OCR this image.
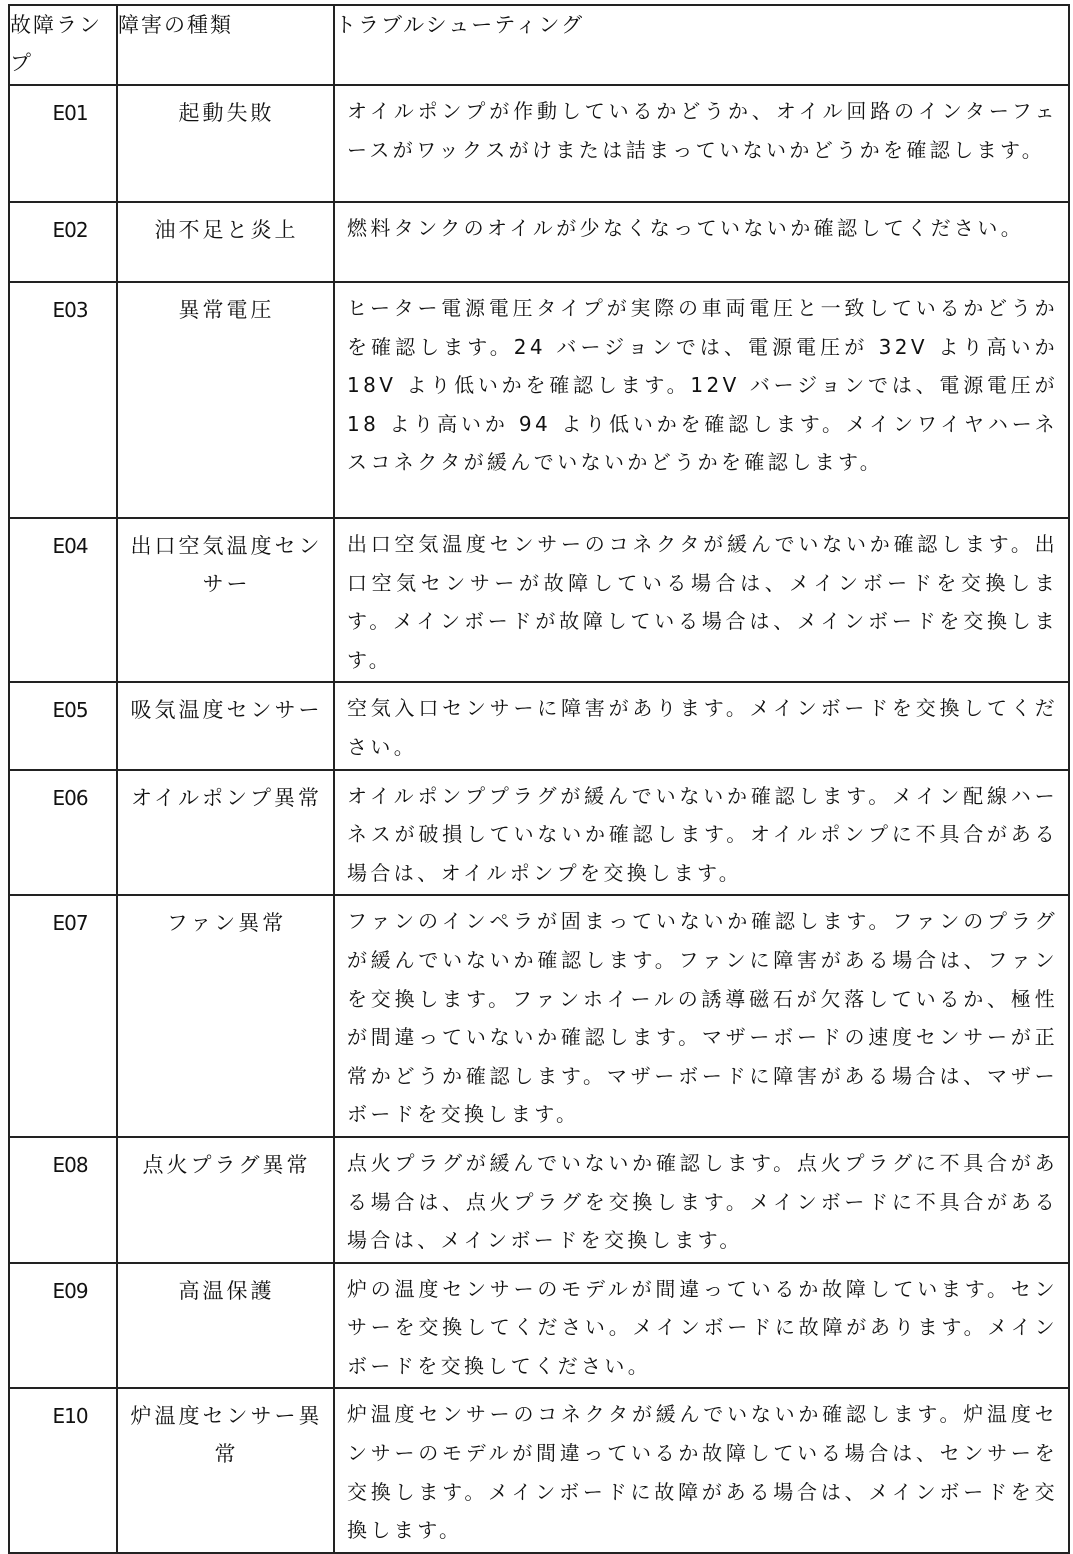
故障ランプ	障害の種類	トラブルシューティング
E01	起動失敗	オイルポンプが作動しているかどうか、オイル回路のインターフェースがワックスがけまたは詰まっていないかどうかを確認します。
E02	油不足と炎上	燃料タンクのオイルが少なくなっていないか確認してください。
E03	異常電圧	ヒーター電源電圧タイプが実際の車両電圧と一致しているかどうかを確認します。24 バージョンでは、電源電圧が 32V より高いか 18V より低いかを確認します。12V バージョンでは、電源電圧が 18 より高いか 94 より低いかを確認します。メインワイヤハーネスコネクタが緩んでいないかどうかを確認します。
E04	出口空気温度センサー	出口空気温度センサーのコネクタが緩んでいないか確認します。出口空気センサーが故障している場合は、メインボードを交換します。メインボードが故障している場合は、メインボードを交換します。
E05	吸気温度センサー	空気入口センサーに障害があります。メインボードを交換してください。
E06	オイルポンプ異常	オイルポンププラグが緩んでいないか確認します。メイン配線ハーネスが破損していないか確認します。オイルポンプに不具合がある場合は、オイルポンプを交換します。
E07	ファン異常	ファンのインペラが固まっていないか確認します。ファンのプラグが緩んでいないか確認します。ファンに障害がある場合は、ファンを交換します。ファンホイールの誘導磁石が欠落しているか、極性が間違っていないか確認します。マザーボードの速度センサーが正常かどうか確認します。マザーボードに障害がある場合は、マザーボードを交換します。
E08	点火プラグ異常	点火プラグが緩んでいないか確認します。点火プラグに不具合がある場合は、点火プラグを交換します。メインボードに不具合がある場合は、メインボードを交換します。
E09	高温保護	炉の温度センサーのモデルが間違っているか故障しています。センサーを交換してください。メインボードに故障があります。メインボードを交換してください。
E10	炉温度センサー異常	炉温度センサーのコネクタが緩んでいないか確認します。炉温度センサーのモデルが間違っているか故障している場合は、センサーを交換します。メインボードに故障がある場合は、メインボードを交換します。
